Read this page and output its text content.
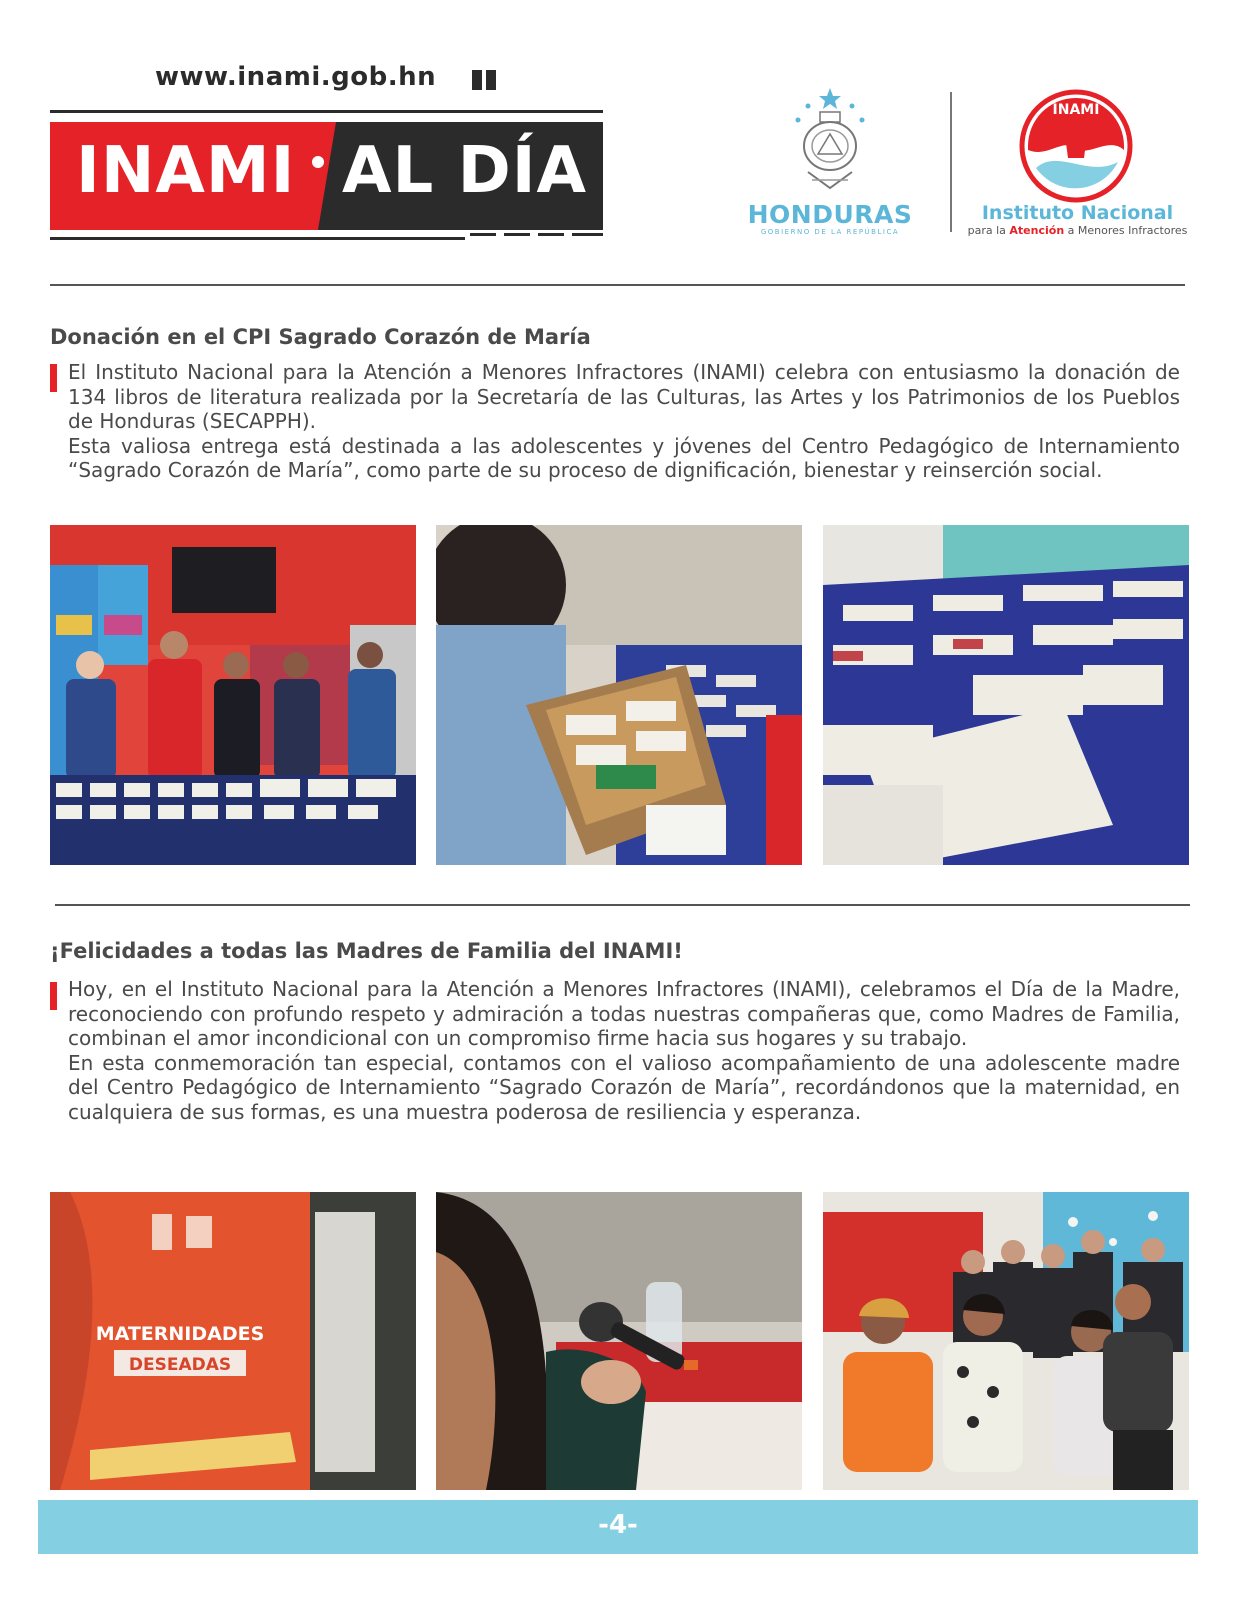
www.inami.gob.hn
INAMI AL DÍA
HONDURAS
GOBIERNO DE LA REPÚBLICA
INAMI
Instituto Nacional
para la Atención a Menores Infractores
Donación en el CPI Sagrado Corazón de María

El Instituto Nacional para la Atención a Menores Infractores (INAMI) celebra con entusiasmo la donación de 134 libros de literatura realizada por la Secretaría de las Culturas, las Artes y los Patrimonios de los Pueblos de Honduras (SECAPPH).

Esta valiosa entrega está destinada a las adolescentes y jóvenes del Centro Pedagógico de Internamiento “Sagrado Corazón de María”, como parte de su proceso de dignificación, bienestar y reinserción social.

¡Felicidades a todas las Madres de Familia del INAMI!

Hoy, en el Instituto Nacional para la Atención a Menores Infractores (INAMI), celebramos el Día de la Madre, reconociendo con profundo respeto y admiración a todas nuestras compañeras que, como Madres de Familia, combinan el amor incondicional con un compromiso firme hacia sus hogares y su trabajo.

En esta conmemoración tan especial, contamos con el valioso acompañamiento de una adolescente madre del Centro Pedagógico de Internamiento “Sagrado Corazón de María”, recordándonos que la maternidad, en cualquiera de sus formas, es una muestra poderosa de resiliencia y esperanza.

MATERNIDADES
DESEADAS
-4-
